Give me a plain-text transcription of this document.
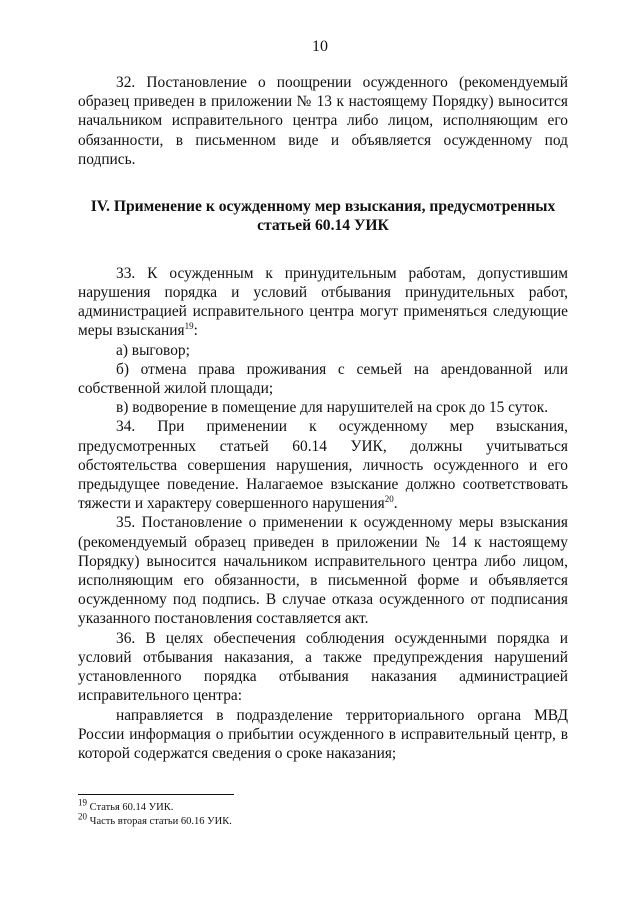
10

32. Постановление о поощрении осужденного (рекомендуемый образец приведен в приложении № 13 к настоящему Порядку) выносится начальником исправительного центра либо лицом, исполняющим его обязанности, в письменном виде и объявляется осужденному под подпись.

IV. Применение к осужденному мер взыскания, предусмотренных статьей 60.14 УИК

33. К осужденным к принудительным работам, допустившим нарушения порядка и условий отбывания принудительных работ, администрацией исправительного центра могут применяться следующие меры взыскания$^{19}$:

а) выговор;

б) отмена права проживания с семьей на арендованной или собственной жилой площади;

в) водворение в помещение для нарушителей на срок до 15 суток.

34. При применении к осужденному мер взыскания, предусмотренных статьей 60.14 УИК, должны учитываться обстоятельства совершения нарушения, личность осужденного и его предыдущее поведение. Налагаемое взыскание должно соответствовать тяжести и характеру совершенного нарушения$^{20}$.

35. Постановление о применении к осужденному меры взыскания (рекомендуемый образец приведен в приложении № 14 к настоящему Порядку) выносится начальником исправительного центра либо лицом, исполняющим его обязанности, в письменной форме и объявляется осужденному под подпись. В случае отказа осужденного от подписания указанного постановления составляется акт.

36. В целях обеспечения соблюдения осужденными порядка и условий отбывания наказания, а также предупреждения нарушений установленного порядка отбывания наказания администрацией исправительного центра:

направляется в подразделение территориального органа МВД России информация о прибытии осужденного в исправительный центр, в которой содержатся сведения о сроке наказания;

$^{19}$ Статья 60.14 УИК.

$^{20}$ Часть вторая статьи 60.16 УИК.
